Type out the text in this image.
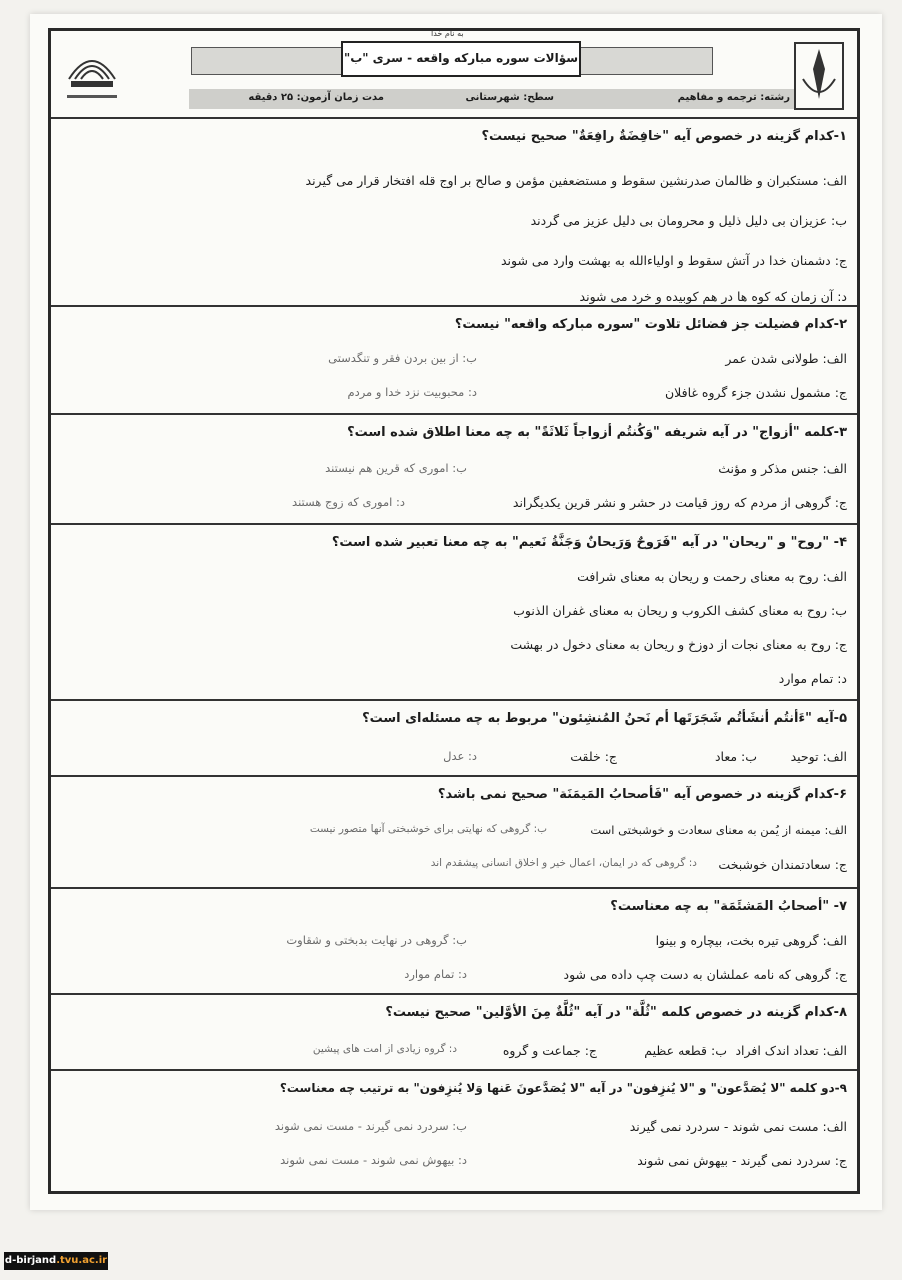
به نام خدا
سؤالات سوره مبارکه واقعه - سری "ب"
رشته: ترجمه و مفاهیم
سطح: شهرستانی
مدت زمان آزمون: ۲۵ دقیقه
۱-کدام گزینه در خصوص آیه "خافِضَةٌ رافِعَةٌ" صحیح نیست؟
الف: مستکبران و ظالمان صدرنشین سقوط و مستضعفین مؤمن و صالح بر اوج قله افتخار قرار می گیرند
ب: عزیزان بی دلیل ذلیل و محرومان بی دلیل عزیز می گردند
ج: دشمنان خدا در آتش سقوط و اولیاءالله به بهشت وارد می شوند
د: آن زمان که کوه ها در هم کوبیده و خرد می شوند
۲-کدام فضیلت جز فضائل تلاوت "سوره مبارکه واقعه" نیست؟
الف: طولانی شدن عمر
ب: از بین بردن فقر و تنگدستی
ج: مشمول نشدن جزء گروه غافلان
د: محبوبیت نزد خدا و مردم
۳-کلمه "أزواج" در آیه شریفه "وَکُنتُم أزواجاً ثَلاثَةً" به چه معنا اطلاق شده است؟
الف: جنس مذکر و مؤنث
ب: اموری که قرین هم نیستند
ج: گروهی از مردم که روز قیامت در حشر و نشر قرین یکدیگراند
د: اموری که زوج هستند
۴- "روح" و "ریحان" در آیه "فَرَوحٌ وَرَیحانٌ وَجَنَّةُ نَعیم" به چه معنا تعبیر شده است؟
الف: روح به معنای رحمت و ریحان به معنای شرافت
ب: روح به معنای کشف الکروب و ریحان به معنای غفران الذنوب
ج: روح به معنای نجات از دوزخ و ریحان به معنای دخول در بهشت
د: تمام موارد
۵-آیه "ءَأنتُم أنشَأتُم شَجَرَتَها أم نَحنُ المُنشِئون" مربوط به چه مسئله‌ای است؟
الف: توحید
ب: معاد
ج: خلقت
د: عدل
۶-کدام گزینه در خصوص آیه "فَأصحابُ المَیمَنَة" صحیح نمی باشد؟
الف: میمنه از یُمن به معنای سعادت و خوشبختی است
ب: گروهی که نهایتی برای خوشبختی آنها متصور نیست
ج: سعادتمندان خوشبخت
د: گروهی که در ایمان، اعمال خیر و اخلاق انسانی پیشقدم اند
۷- "أصحابُ المَشئَمَة" به چه معناست؟
الف: گروهی تیره بخت، بیچاره و بینوا
ب: گروهی در نهایت بدبختی و شقاوت
ج: گروهی که نامه عملشان به دست چپ داده می شود
د: تمام موارد
۸-کدام گزینه در خصوص کلمه "ثُلَّة" در آیه "ثُلَّةٌ مِنَ الأوَّلین" صحیح نیست؟
الف: تعداد اندک افراد
ب: قطعه عظیم
ج: جماعت و گروه
د: گروه زیادی از امت های پیشین
۹-دو کلمه "لا یُصَدَّعون" و "لا یُنزِفون" در آیه "لا یُصَدَّعونَ عَنها وَلا یُنزِفون" به ترتیب چه معناست؟
الف: مست نمی شوند - سردرد نمی گیرند
ب: سردرد نمی گیرند - مست نمی شوند
ج: سردرد نمی گیرند - بیهوش نمی شوند
د: بیهوش نمی شوند - مست نمی شوند
d-birjand.tvu.ac.ir
